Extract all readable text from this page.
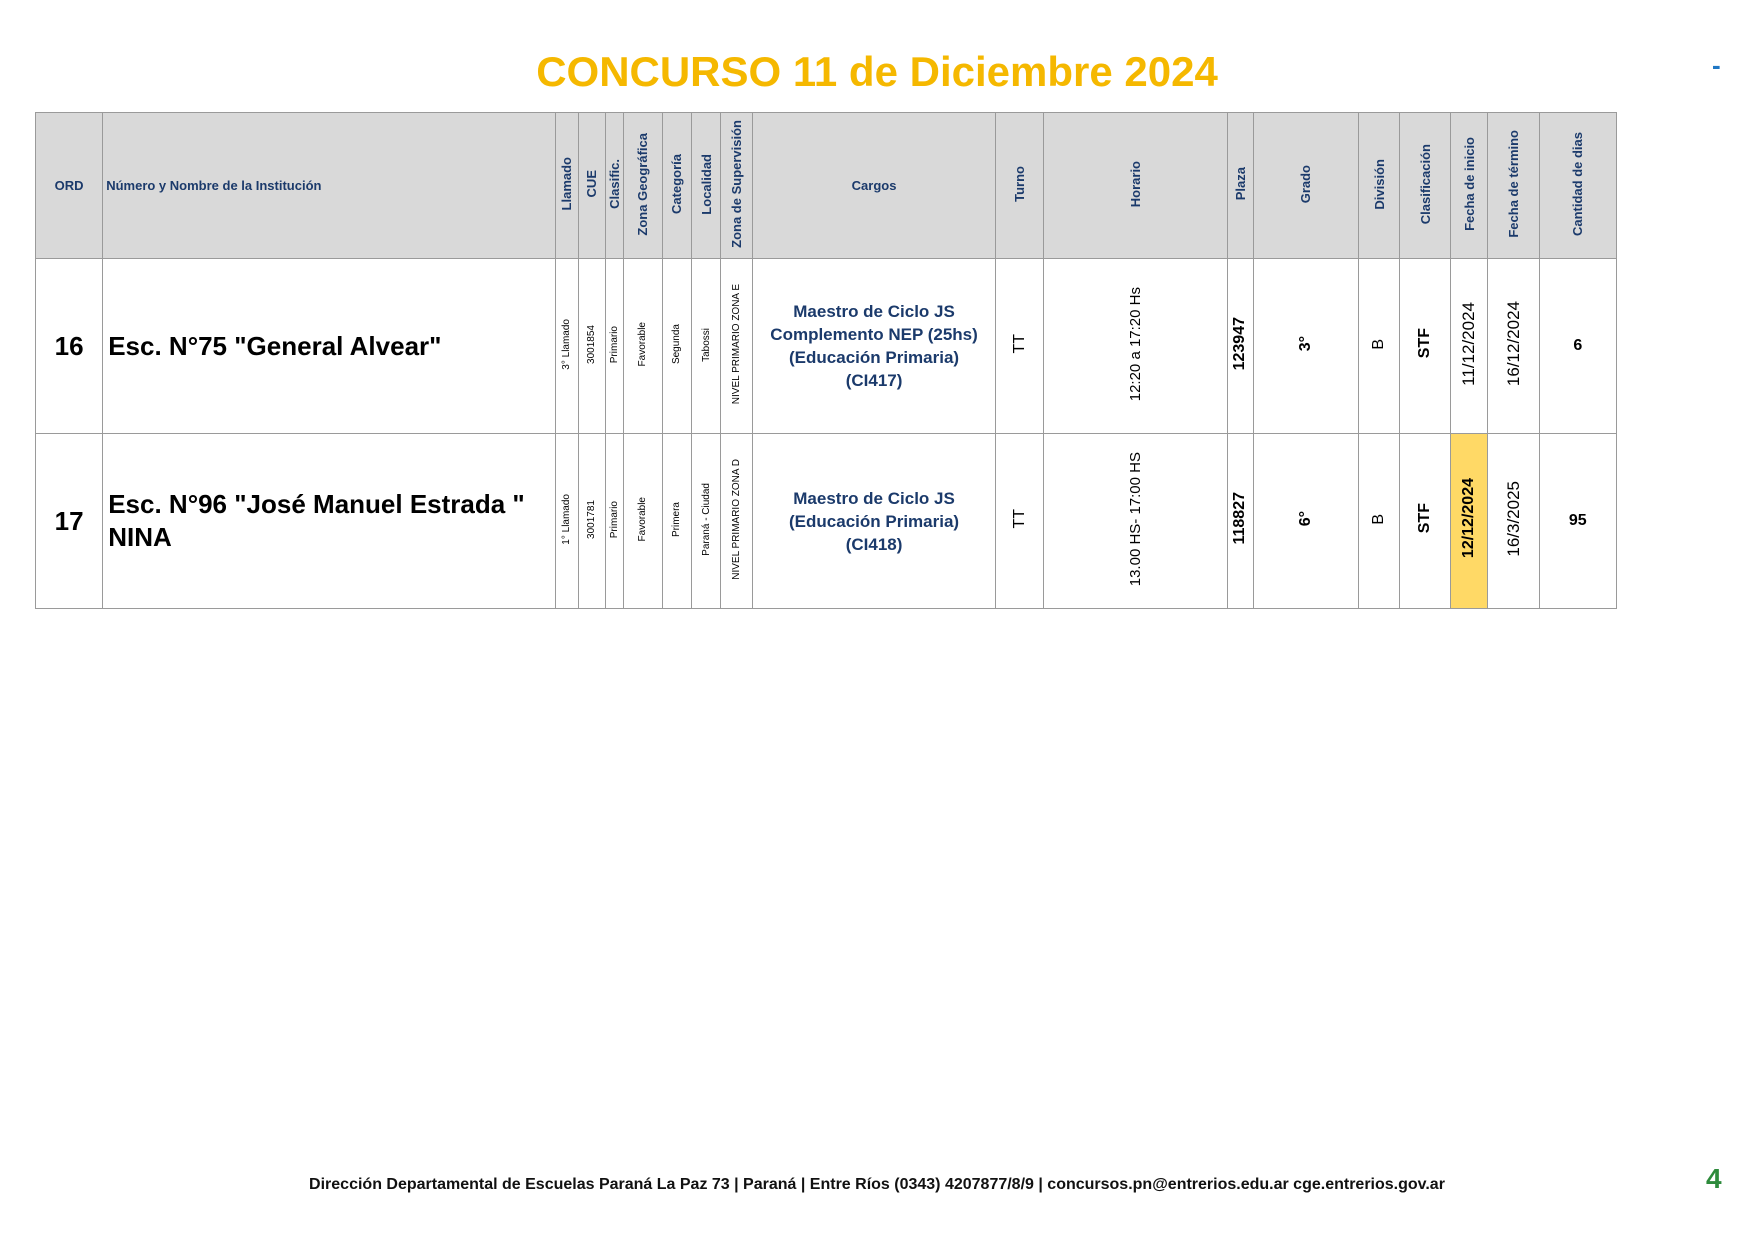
CONCURSO 11 de Diciembre 2024	-
ORD	Número y Nombre de la Institución	Llamado	CUE	Clasific.	Zona Geográfica	Categoría	Localidad	Zona de Supervisión	Cargos	Turno	Horario	Plaza	Grado	División	Clasificación	Fecha de inicio	Fecha de término	Cantidad de dias
16	Esc. N°75 "General Alvear"	3° Llamado	3001854	Primario	Favorable	Segunda	Tabossi	NIVEL PRIMARIO ZONA E	Maestro de Ciclo JS
Complemento NEP (25hs)
(Educación Primaria)
(CI417)	TT	12:20 a 17:20 Hs	123947	3°	B	STF	11/12/2024	16/12/2024	6
17	Esc. N°96 "José Manuel Estrada " NINA	1° Llamado	3001781	Primario	Favorable	Primera	Paraná - Ciudad	NIVEL PRIMARIO ZONA D	Maestro de Ciclo JS
(Educación Primaria)
(CI418)	TT	13.00 HS- 17:00 HS	118827	6°	B	STF	12/12/2024	16/3/2025	95
Dirección Departamental de Escuelas Paraná La Paz 73 | Paraná | Entre Ríos (0343) 4207877/8/9 | concursos.pn@entrerios.edu.ar cge.entrerios.gov.ar	4
